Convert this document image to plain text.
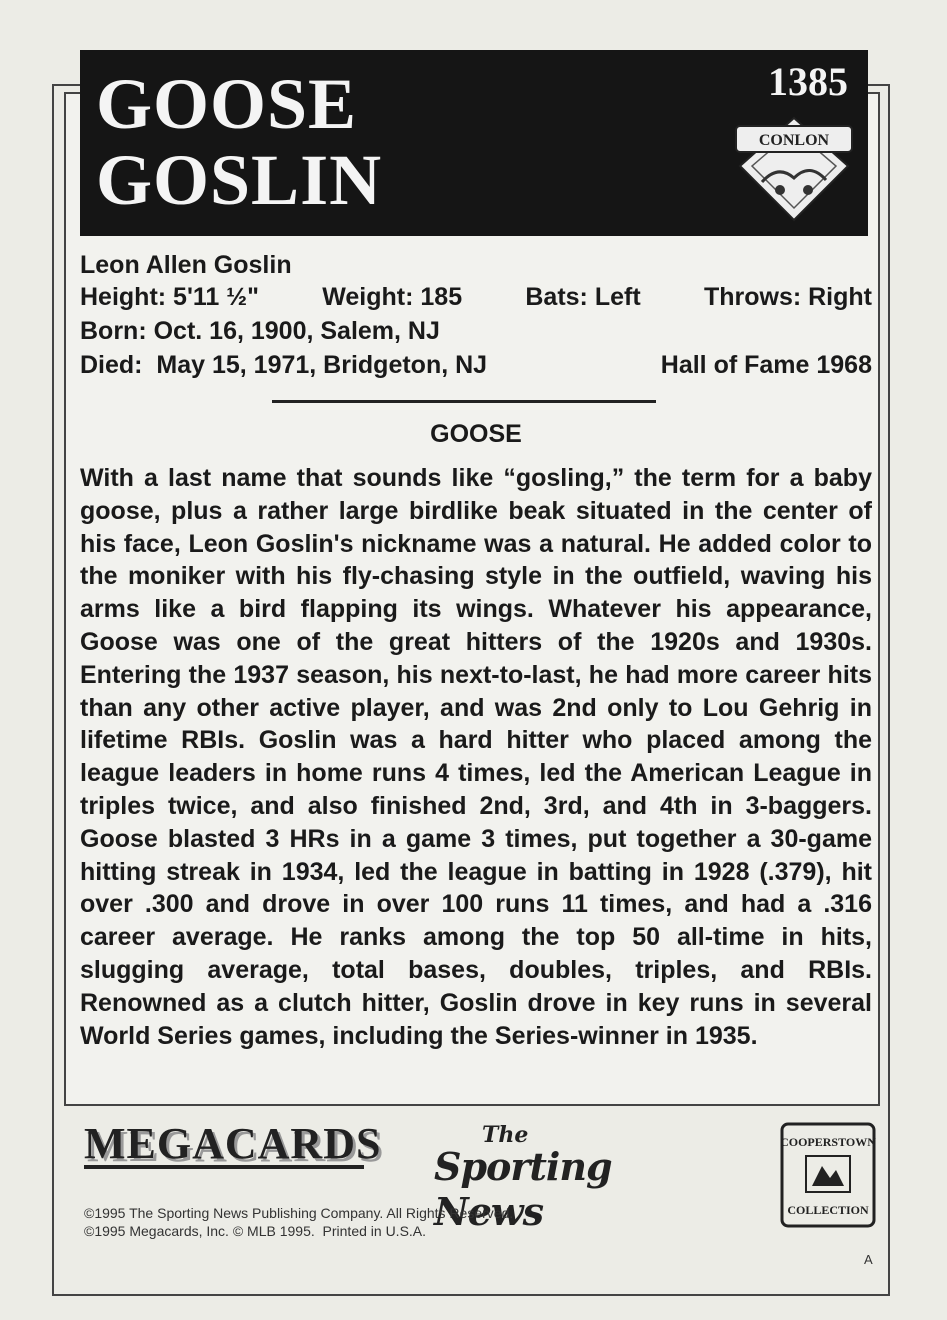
GOOSE
GOSLIN
1385
CONLON
Leon Allen Goslin
Height: 5'11 ½"	Weight: 185	Bats: Left	Throws: Right
Born: Oct. 16, 1900, Salem, NJ
Died:  May 15, 1971, Bridgeton, NJ	Hall of Fame 1968
GOOSE
With a last name that sounds like “gosling,” the term for a baby goose, plus a rather large birdlike beak situated in the center of his face, Leon Goslin's nickname was a natural. He added color to the moniker with his fly-chasing style in the outfield, waving his arms like a bird flapping its wings. Whatever his appearance, Goose was one of the great hitters of the 1920s and 1930s. Entering the 1937 season, his next-to-last, he had more career hits than any other active player, and was 2nd only to Lou Gehrig in lifetime RBIs. Goslin was a hard hitter who placed among the league leaders in home runs 4 times, led the American League in triples twice, and also finished 2nd, 3rd, and 4th in 3-baggers. Goose blasted 3 HRs in a game 3 times, put together a 30-game hitting streak in 1934, led the league in batting in 1928 (.379), hit over .300 and drove in over 100 runs 11 times, and had a .316 career average. He ranks among the top 50 all-time in hits, slugging average, total bases, doubles, triples, and RBIs. Renowned as a clutch hitter, Goslin drove in key runs in several World Series games, including the Series-winner in 1935.
MEGACARDS	The
Sporting News
COOPERSTOWN
COLLECTION
©1995 The Sporting News Publishing Company. All Rights Reserved.
©1995 Megacards, Inc. © MLB 1995.  Printed in U.S.A.
A
